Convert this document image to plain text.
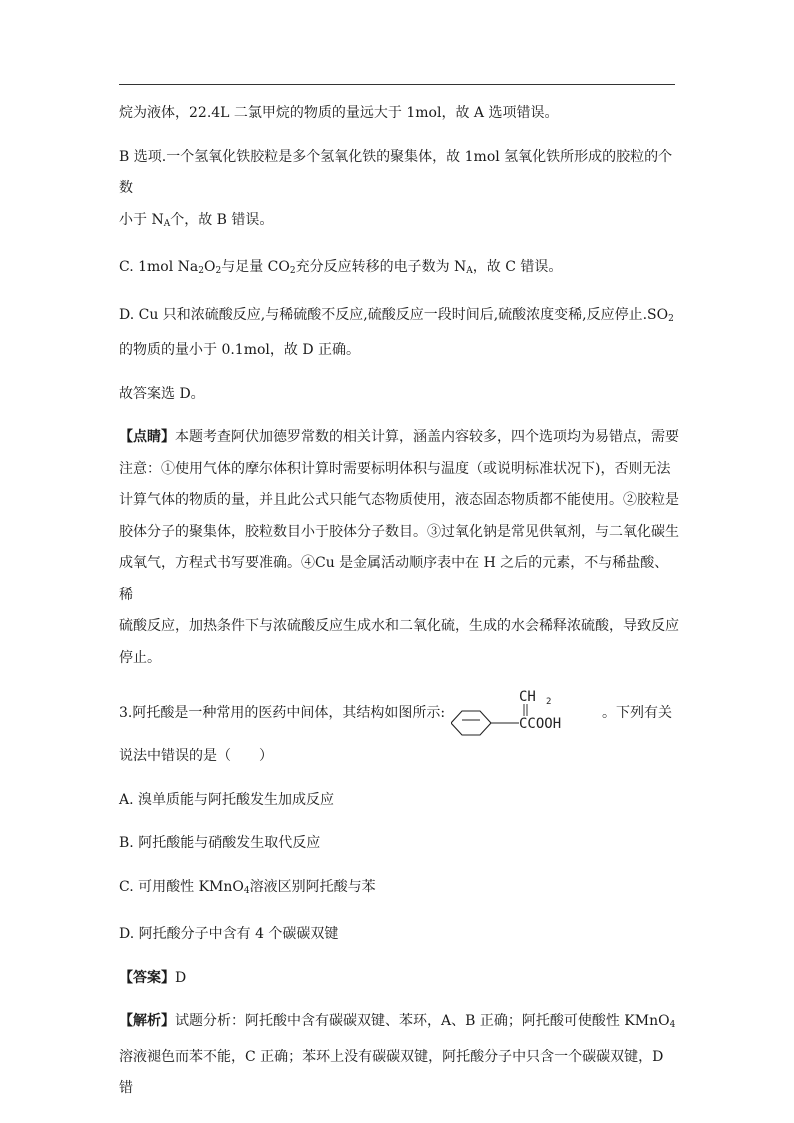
烷为液体，22.4L 二氯甲烷的物质的量远大于 1mol，故 A 选项错误。

B 选项.一个氢氧化铁胶粒是多个氢氧化铁的聚集体，故 1mol 氢氧化铁所形成的胶粒的个数

小于 $N_A$个，故 B 错误。

C. 1mol $Na_2O_2$与足量 $CO_2$充分反应转移的电子数为 $N_A$，故 C 错误。

D. Cu 只和浓硫酸反应,与稀硫酸不反应,硫酸反应一段时间后,硫酸浓度变稀,反应停止$.SO_2$

的物质的量小于 0.1mol，故 D 正确。

故答案选 D。

【点睛】本题考查阿伏加德罗常数的相关计算，涵盖内容较多，四个选项均为易错点，需要

注意：①使用气体的摩尔体积计算时需要标明体积与温度（或说明标准状况下)，否则无法

计算气体的物质的量，并且此公式只能气态物质使用，液态固态物质都不能使用。②胶粒是

胶体分子的聚集体，胶粒数目小于胶体分子数目。③过氧化钠是常见供氧剂，与二氧化碳生

成氧气，方程式书写要准确。④Cu 是金属活动顺序表中在 H 之后的元素，不与稀盐酸、稀

硫酸反应，加热条件下与浓硫酸反应生成水和二氧化硫，生成的水会稀释浓硫酸，导致反应

停止。

3.阿托酸是一种常用的医药中间体，其结构如图所示:
CH 2
CCOOH
。下列有关

说法中错误的是（　　）

A. 溴单质能与阿托酸发生加成反应

B. 阿托酸能与硝酸发生取代反应

C. 可用酸性 KMnO$_4$溶液区别阿托酸与苯

D. 阿托酸分子中含有 4 个碳碳双键

【答案】D

【解析】试题分析：阿托酸中含有碳碳双键、苯环，A、B 正确；阿托酸可使酸性 KMnO$_4$

溶液褪色而苯不能，C 正确；苯环上没有碳碳双键，阿托酸分子中只含一个碳碳双键，D 错
